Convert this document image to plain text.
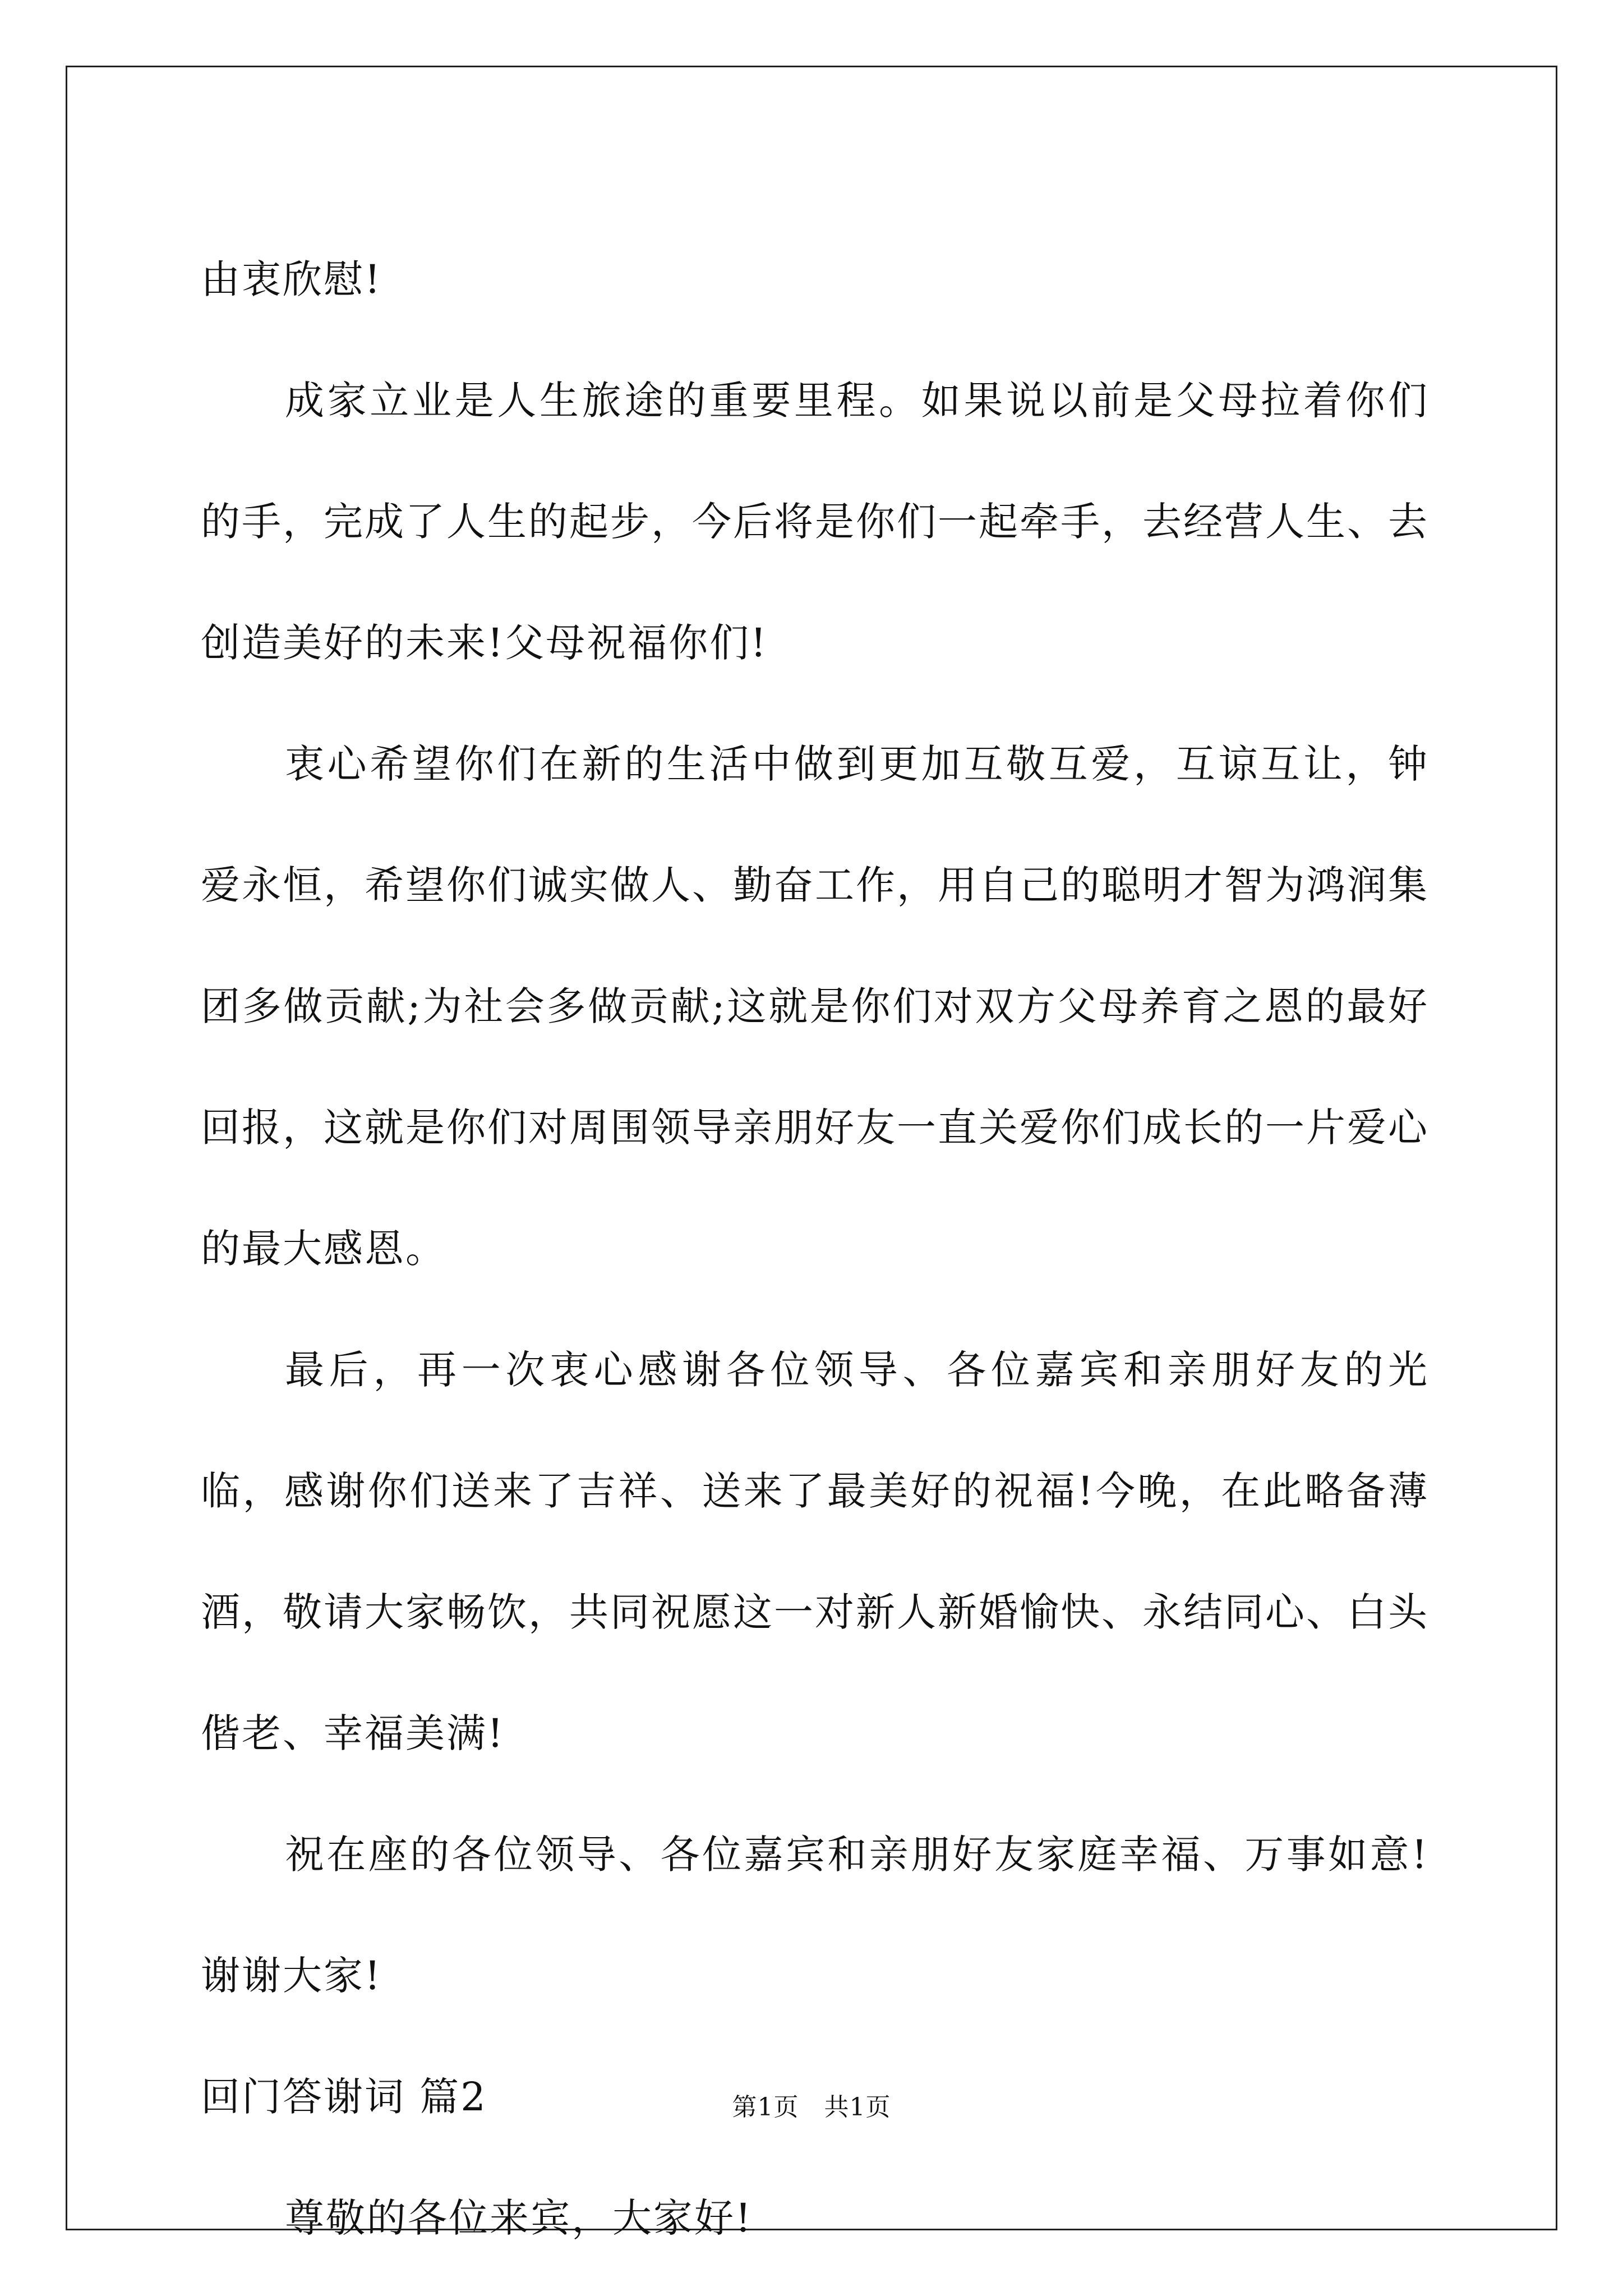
由衷欣慰!

成家立业是人生旅途的重要里程。如果说以前是父母拉着你们的手，完成了人生的起步，今后将是你们一起牵手，去经营人生、去创造美好的未来!父母祝福你们!

衷心希望你们在新的生活中做到更加互敬互爱，互谅互让，钟爱永恒，希望你们诚实做人、勤奋工作，用自己的聪明才智为鸿润集团多做贡献;为社会多做贡献;这就是你们对双方父母养育之恩的最好回报，这就是你们对周围领导亲朋好友一直关爱你们成长的一片爱心的最大感恩。

最后，再一次衷心感谢各位领导、各位嘉宾和亲朋好友的光临，感谢你们送来了吉祥、送来了最美好的祝福!今晚，在此略备薄酒，敬请大家畅饮，共同祝愿这一对新人新婚愉快、永结同心、白头偕老、幸福美满!

祝在座的各位领导、各位嘉宾和亲朋好友家庭幸福、万事如意!谢谢大家!

回门答谢词 篇2

尊敬的各位来宾，大家好!

第1页　共1页
